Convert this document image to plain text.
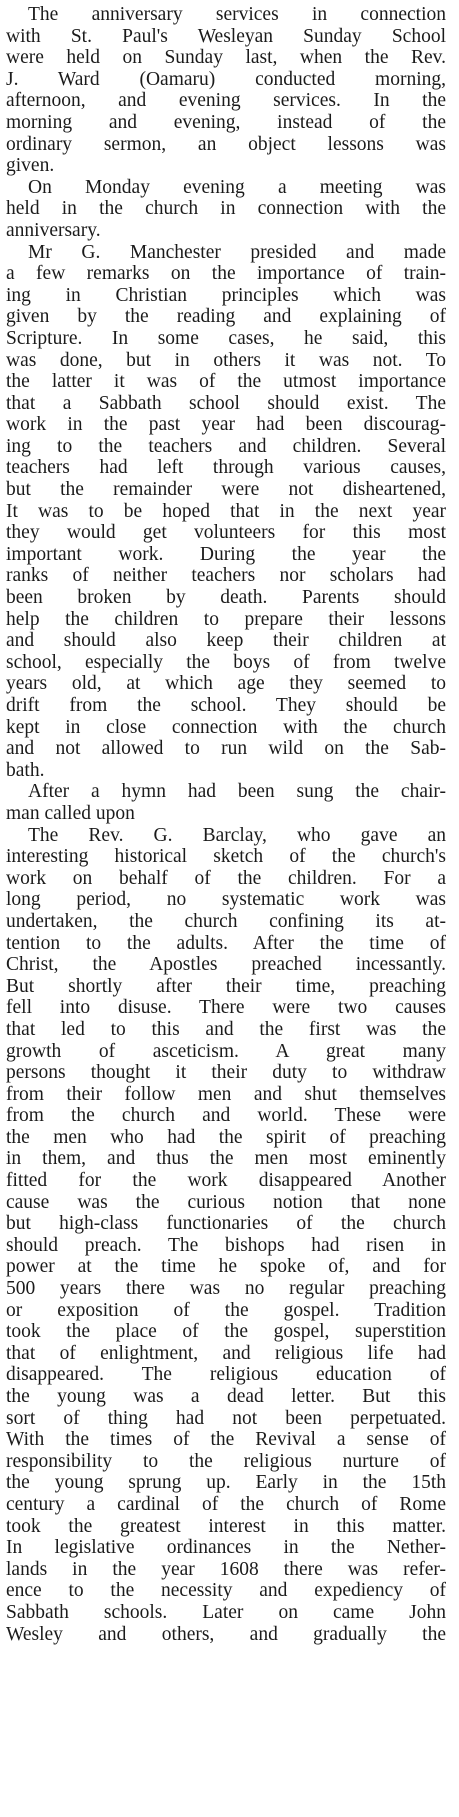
The anniversary services in connection
with St. Paul's Wesleyan Sunday School
were held on Sunday last, when the Rev.
J. Ward (Oamaru) conducted morning,
afternoon, and evening services. In the
morning and evening, instead of the
ordinary sermon, an object lessons was
given.

On Monday evening a meeting was
held in the church in connection with the
anniversary.

Mr G. Manchester presided and made
a few remarks on the importance of train-
ing in Christian principles which was
given by the reading and explaining of
Scripture. In some cases, he said, this
was done, but in others it was not. To
the latter it was of the utmost importance
that a Sabbath school should exist. The
work in the past year had been discourag-
ing to the teachers and children. Several
teachers had left through various causes,
but the remainder were not disheartened,
It was to be hoped that in the next year
they would get volunteers for this most
important work. During the year the
ranks of neither teachers nor scholars had
been broken by death. Parents should
help the children to prepare their lessons
and should also keep their children at
school, especially the boys of from twelve
years old, at which age they seemed to
drift from the school. They should be
kept in close connection with the church
and not allowed to run wild on the Sab-
bath.

After a hymn had been sung the chair-
man called upon

The Rev. G. Barclay, who gave an
interesting historical sketch of the church's
work on behalf of the children. For a
long period, no systematic work was
undertaken, the church confining its at-
tention to the adults. After the time of
Christ, the Apostles preached incessantly.
But shortly after their time, preaching
fell into disuse. There were two causes
that led to this and the first was the
growth of asceticism. A great many
persons thought it their duty to withdraw
from their follow men and shut themselves
from the church and world. These were
the men who had the spirit of preaching
in them, and thus the men most eminently
fitted for the work disappeared Another
cause was the curious notion that none
but high-class functionaries of the church
should preach. The bishops had risen in
power at the time he spoke of, and for
500 years there was no regular preaching
or exposition of the gospel. Tradition
took the place of the gospel, superstition
that of enlightment, and religious life had
disappeared. The religious education of
the young was a dead letter. But this
sort of thing had not been perpetuated.
With the times of the Revival a sense of
responsibility to the religious nurture of
the young sprung up. Early in the 15th
century a cardinal of the church of Rome
took the greatest interest in this matter.
In legislative ordinances in the Nether-
lands in the year 1608 there was refer-
ence to the necessity and expediency of
Sabbath schools. Later on came John
Wesley and others, and gradually the
